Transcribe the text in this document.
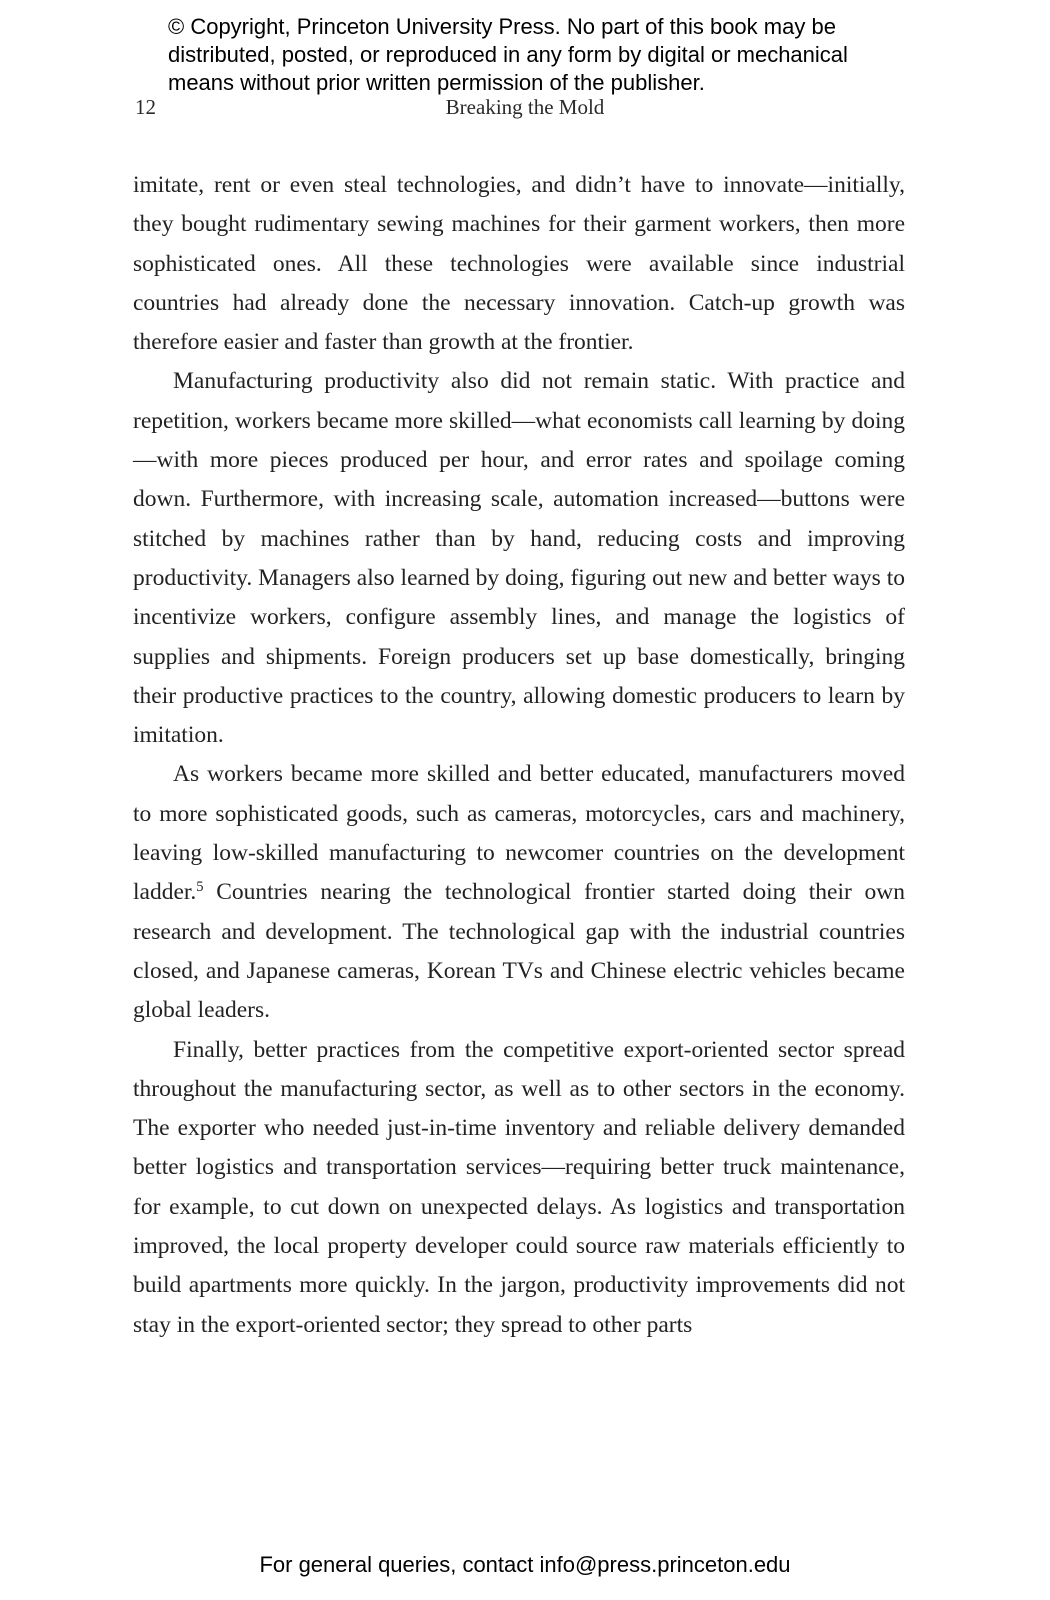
© Copyright, Princeton University Press. No part of this book may be
distributed, posted, or reproduced in any form by digital or mechanical
means without prior written permission of the publisher.
12	Breaking the Mold

imitate, rent or even steal technologies, and didn’t have to innovate—initially, they bought rudimentary sewing machines for their garment workers, then more sophisticated ones. All these technologies were available since industrial countries had already done the necessary innovation. Catch-up growth was therefore easier and faster than growth at the frontier.

Manufacturing productivity also did not remain static. With practice and repetition, workers became more skilled—what economists call learning by doing—with more pieces produced per hour, and error rates and spoilage coming down. Furthermore, with increasing scale, automation increased—buttons were stitched by machines rather than by hand, reducing costs and improving productivity. Managers also learned by doing, figuring out new and better ways to incentivize workers, configure assembly lines, and manage the logistics of supplies and shipments. Foreign producers set up base domestically, bringing their productive practices to the country, allowing domestic producers to learn by imitation.

As workers became more skilled and better educated, manufacturers moved to more sophisticated goods, such as cameras, motorcycles, cars and machinery, leaving low-skilled manufacturing to newcomer countries on the development ladder.$^5$ Countries nearing the technological frontier started doing their own research and development. The technological gap with the industrial countries closed, and Japanese cameras, Korean TVs and Chinese electric vehicles became global leaders.

Finally, better practices from the competitive export-oriented sector spread throughout the manufacturing sector, as well as to other sectors in the economy. The exporter who needed just-in-time inventory and reliable delivery demanded better logistics and transportation services—requiring better truck maintenance, for example, to cut down on unexpected delays. As logistics and transportation improved, the local property developer could source raw materials efficiently to build apartments more quickly. In the jargon, productivity improvements did not stay in the export-oriented sector; they spread to other parts

For general queries, contact info@press.princeton.edu
